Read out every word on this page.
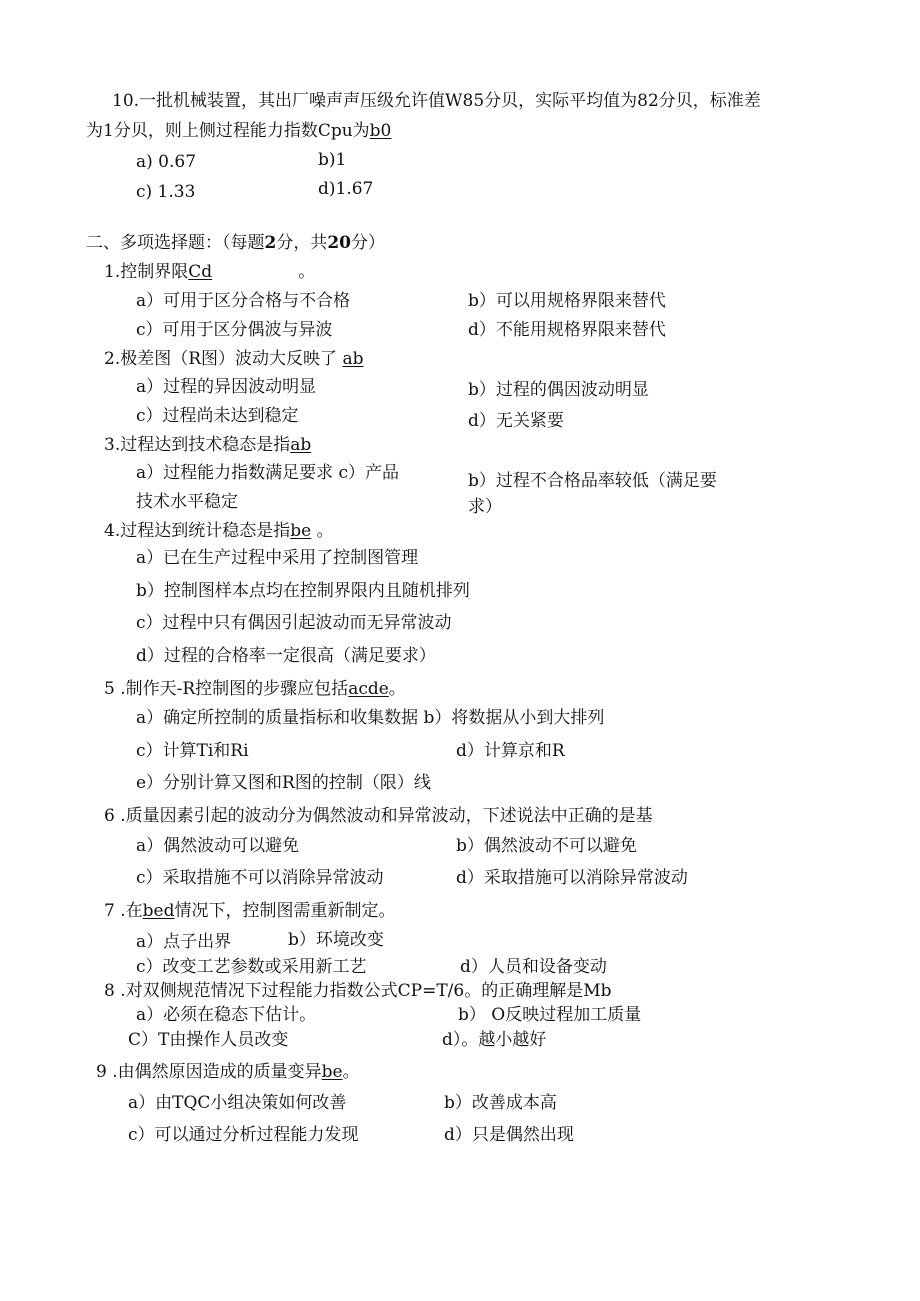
10.一批机械装置，其出厂噪声声压级允许值W85分贝，实际平均值为82分贝，标准差
为1分贝，则上侧过程能力指数Cpu为b0
a) 0.67	b)1
c) 1.33	d)1.67
二、多项选择题：（每题2分，共20分）
1.控制界限Cd	。
a）可用于区分合格与不合格	b）可以用规格界限来替代
c）可用于区分偶波与异波	d）不能用规格界限来替代
2.极差图（R图）波动大反映了 ab
a）过程的异因波动明显	b）过程的偶因波动明显
c）过程尚未达到稳定	d）无关紧要
3.过程达到技术稳态是指ab
a）过程能力指数满足要求 c）产品
技术水平稳定
b）过程不合格品率较低（满足要
求）
4.过程达到统计稳态是指be 。
a）已在生产过程中采用了控制图管理
b）控制图样本点均在控制界限内且随机排列
c）过程中只有偶因引起波动而无异常波动
d）过程的合格率一定很高（满足要求）
5 .制作天-R控制图的步骤应包括acde。
a）确定所控制的质量指标和收集数据 b）将数据从小到大排列
c）计算Ti和Ri	d）计算京和R
e）分别计算又图和R图的控制（限）线
6 .质量因素引起的波动分为偶然波动和异常波动，下述说法中正确的是基
a）偶然波动可以避免	b）偶然波动不可以避免
c）采取措施不可以消除异常波动	d）采取措施可以消除异常波动
7 .在bed情况下，控制图需重新制定。
a）点子出界	b）环境改变
c）改变工艺参数或采用新工艺	d）人员和设备变动
8 .对双侧规范情况下过程能力指数公式CP=T/6。的正确理解是Mb
a）必须在稳态下估计。	b） O反映过程加工质量
C）T由操作人员改变	d）。越小越好
9 .由偶然原因造成的质量变异be。
a）由TQC小组决策如何改善	b）改善成本高
c）可以通过分析过程能力发现	d）只是偶然出现
